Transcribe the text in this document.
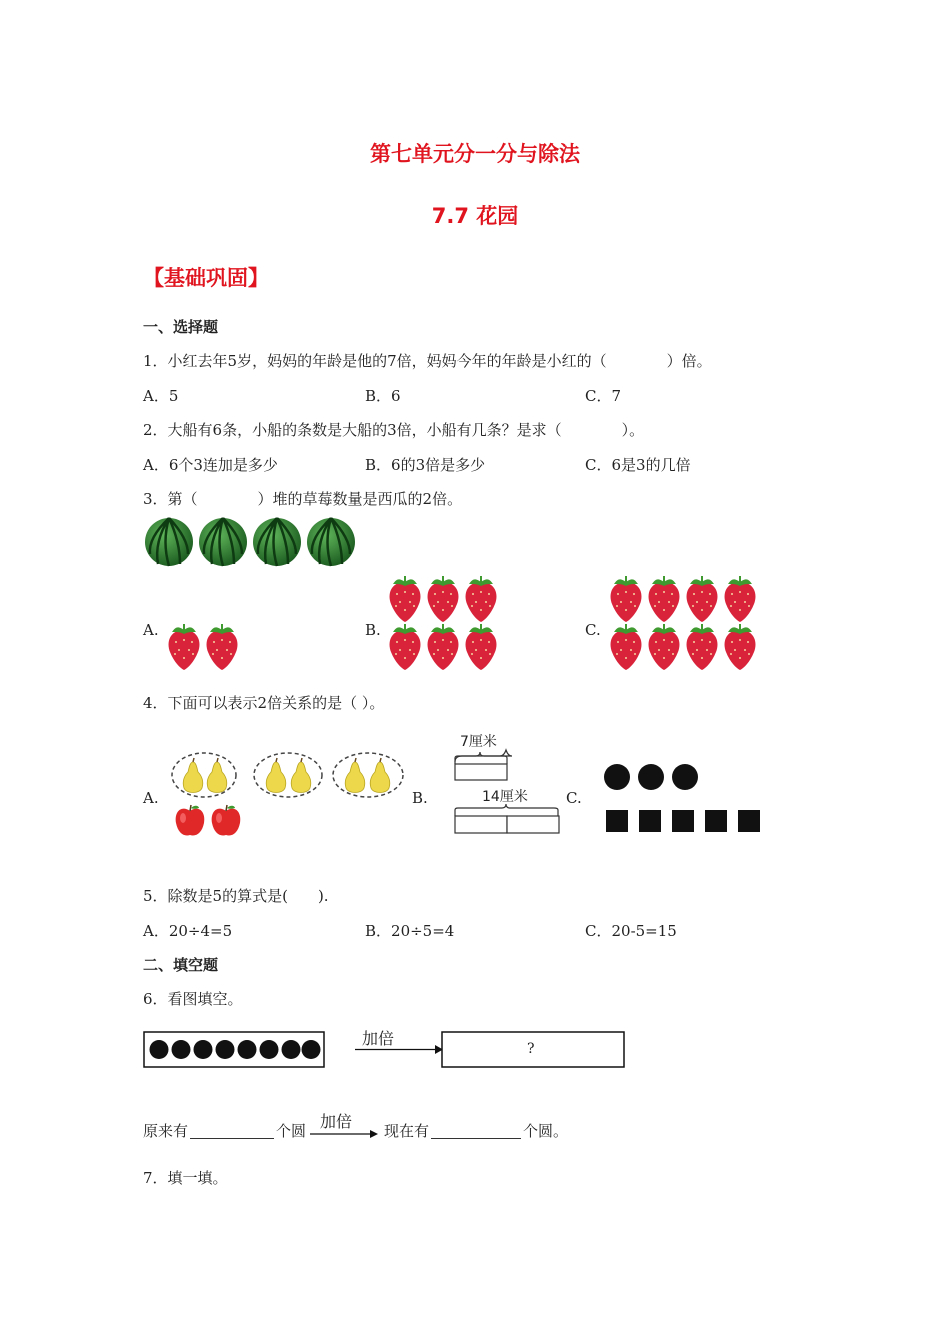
第七单元分一分与除法
7.7 花园
【基础巩固】
一、选择题
1．小红去年5岁，妈妈的年龄是他的7倍，妈妈今年的年龄是小红的（　　　　）倍。
A．5	B．6	C．7
2．大船有6条，小船的条数是大船的3倍，小船有几条？是求（　　　　）。
A．6个3连加是多少	B．6的3倍是多少	C．6是3的几倍
3．第（　　　　）堆的草莓数量是西瓜的2倍。
A.	B.	C.
4．下面可以表示2倍关系的是（ ）。
A.	B.
7厘米
14厘米	C.
5．除数是5的算式是(　　).
A．20÷4=5	B．20÷5=4	C．20-5=15
二、填空题
6．看图填空。
加倍
?
原来有	个圆 加倍 现在有	个圆。
7．填一填。
